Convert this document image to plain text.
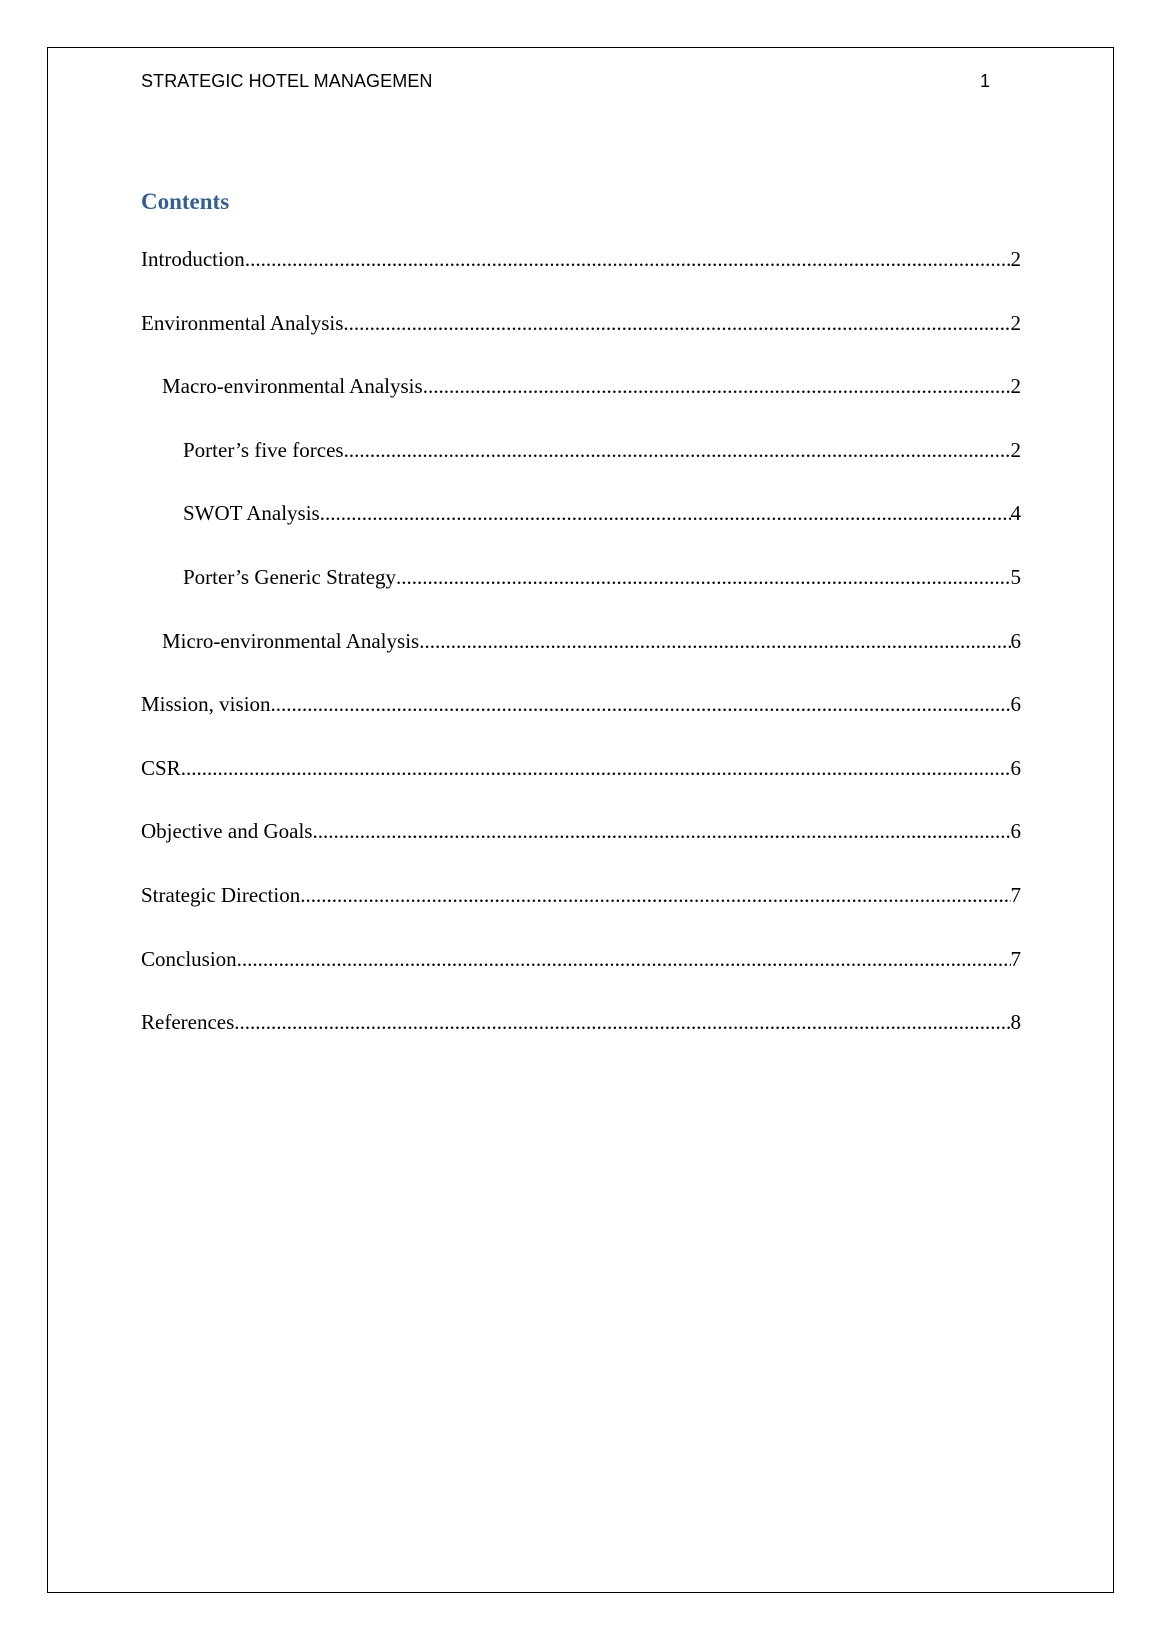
STRATEGIC HOTEL MANAGEMEN	1
Contents
Introduction .....	2
Environmental Analysis .....	2
Macro-environmental Analysis .....	2
Porter’s five forces .....	2
SWOT Analysis .....	4
Porter’s Generic Strategy .....	5
Micro-environmental Analysis .....	6
Mission, vision .....	6
CSR .....	6
Objective and Goals .....	6
Strategic Direction .....	7
Conclusion .....	7
References .....	8
